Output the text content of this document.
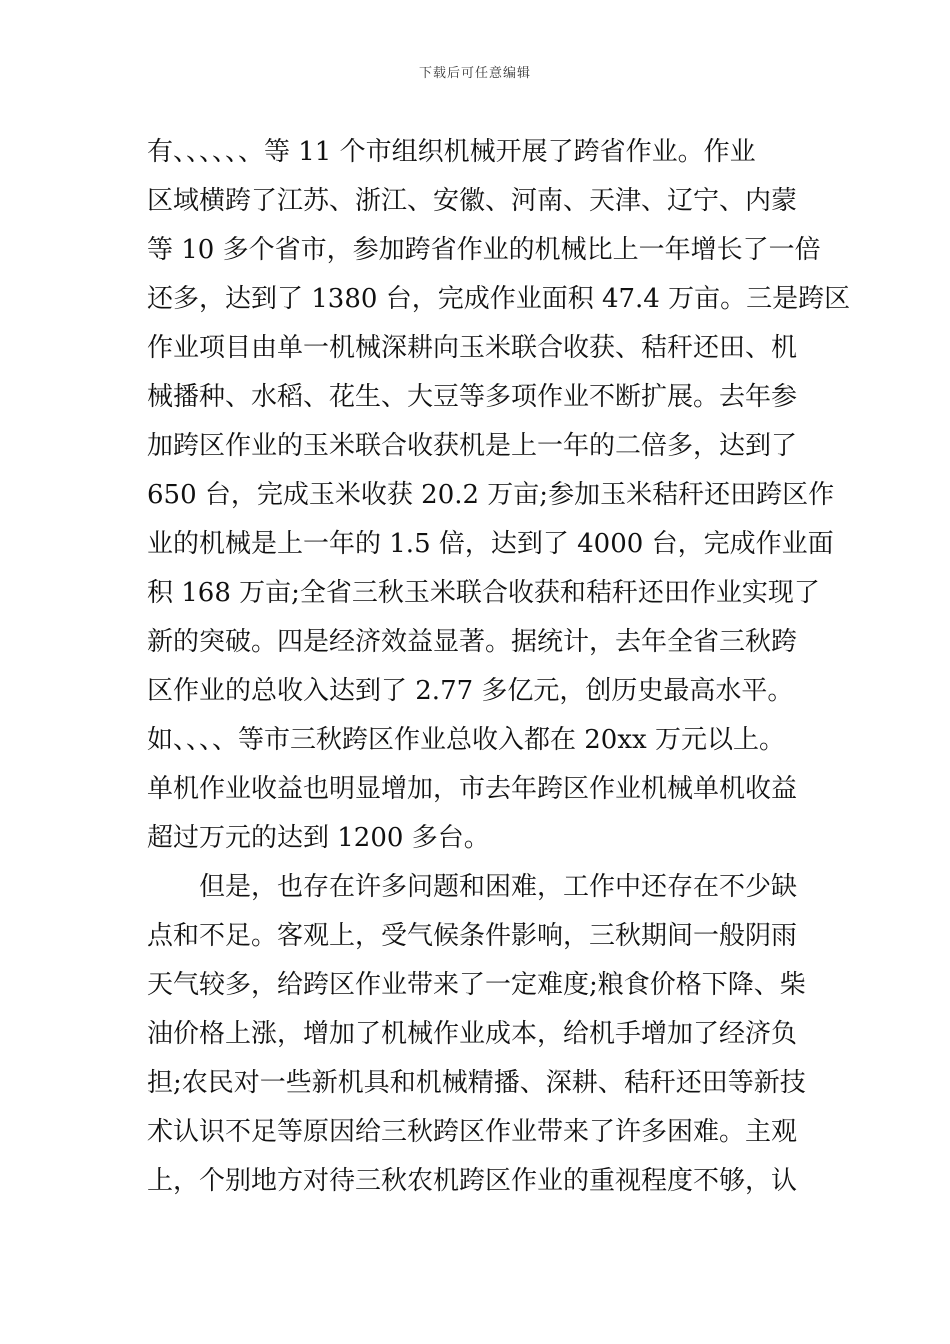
下载后可任意编辑
有、、、、、、等 11 个市组织机械开展了跨省作业。作业
区域横跨了江苏、浙江、安徽、河南、天津、辽宁、内蒙
等 10 多个省市，参加跨省作业的机械比上一年增长了一倍
还多，达到了 1380 台，完成作业面积 47.4 万亩。三是跨区
作业项目由单一机械深耕向玉米联合收获、秸秆还田、机
械播种、水稻、花生、大豆等多项作业不断扩展。去年参
加跨区作业的玉米联合收获机是上一年的二倍多，达到了
650 台，完成玉米收获 20.2 万亩;参加玉米秸秆还田跨区作
业的机械是上一年的 1.5 倍，达到了 4000 台，完成作业面
积 168 万亩;全省三秋玉米联合收获和秸秆还田作业实现了
新的突破。四是经济效益显著。据统计，去年全省三秋跨
区作业的总收入达到了 2.77 多亿元，创历史最高水平。
如、、、、等市三秋跨区作业总收入都在 20xx 万元以上。
单机作业收益也明显增加，市去年跨区作业机械单机收益
超过万元的达到 1200 多台。
但是，也存在许多问题和困难，工作中还存在不少缺
点和不足。客观上，受气候条件影响，三秋期间一般阴雨
天气较多，给跨区作业带来了一定难度;粮食价格下降、柴
油价格上涨，增加了机械作业成本，给机手增加了经济负
担;农民对一些新机具和机械精播、深耕、秸秆还田等新技
术认识不足等原因给三秋跨区作业带来了许多困难。主观
上，个别地方对待三秋农机跨区作业的重视程度不够，认
